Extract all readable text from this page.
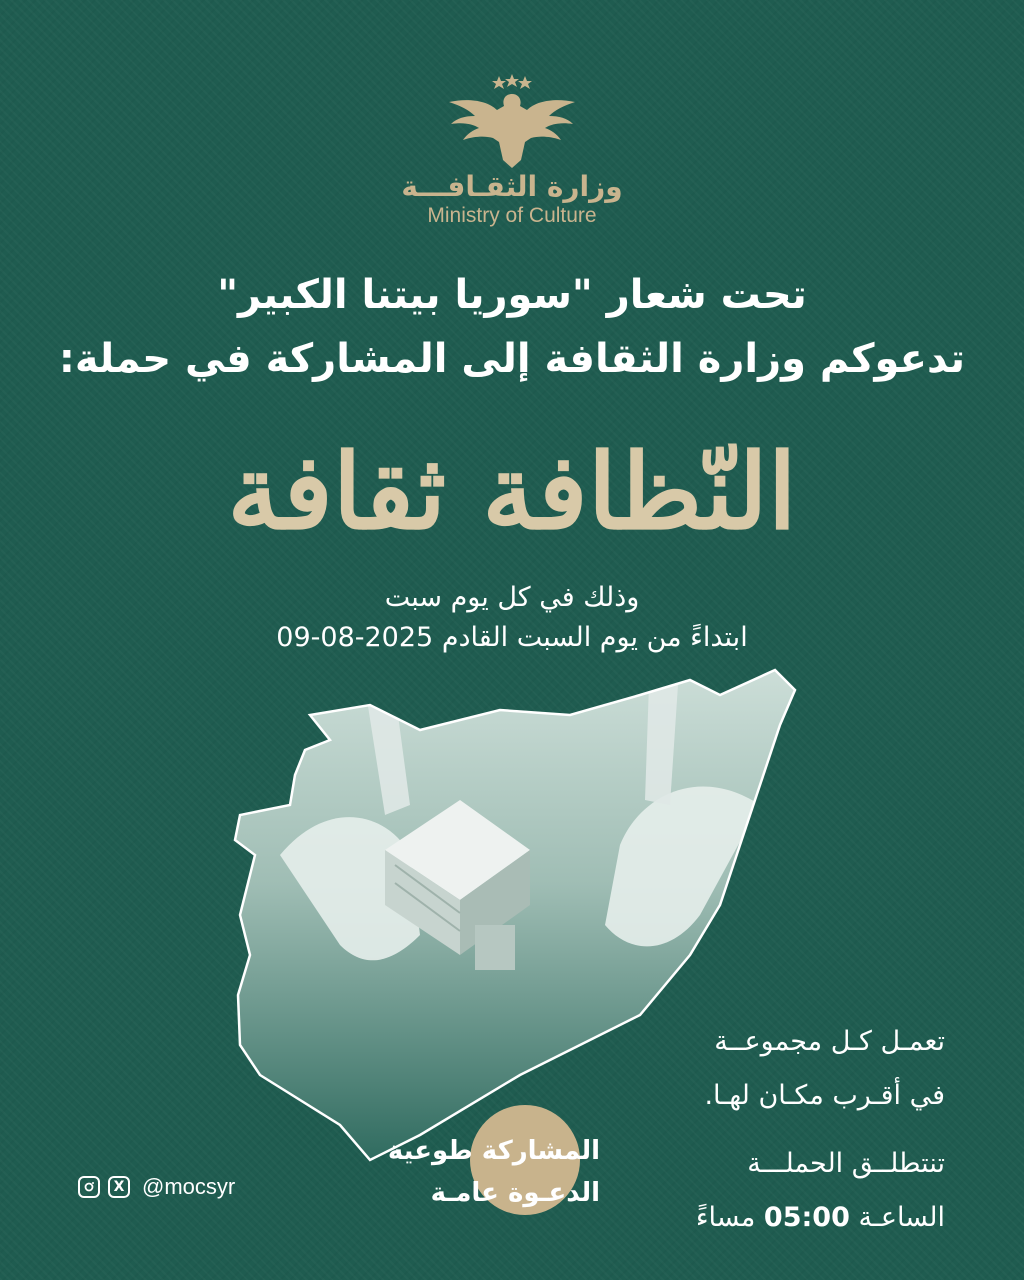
وزارة الثقـافـــة
Ministry of Culture
تحت شعار "سوريا بيتنا الكبير"
تدعوكم وزارة الثقافة إلى المشاركة في حملة:
النّظافة ثقافة
وذلك في كل يوم سبت
ابتداءً من يوم السبت القادم 09-08-2025
المشاركة طوعية
الدعـوة عامـة
تعمـل كـل مجموعــة
في أقـرب مكـان لهـا.
تنتطلــق الحملـــة
الساعـة 05:00 مساءً
X @mocsyr
